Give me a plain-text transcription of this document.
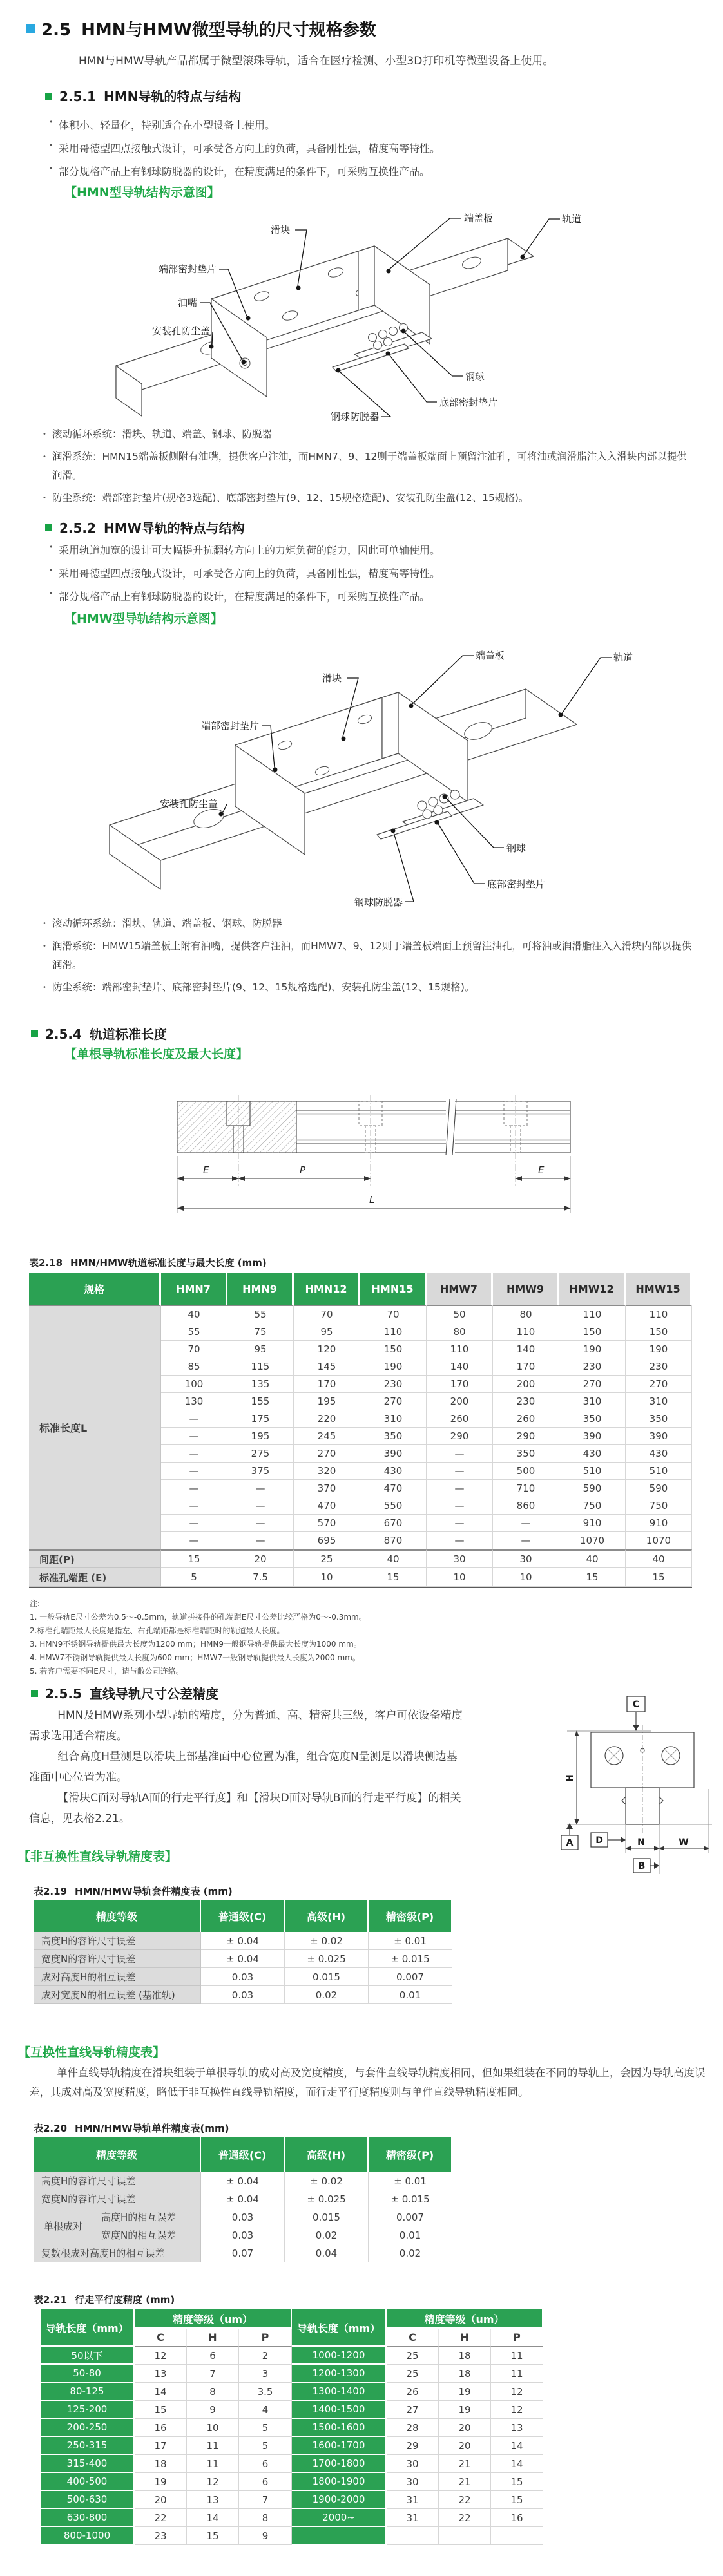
2.5 HMN与HMW微型导轨的尺寸规格参数
HMN与HMW导轨产品都属于微型滚珠导轨，适合在医疗检测、小型3D打印机等微型设备上使用。
2.5.1 HMN导轨的特点与结构
• 体积小、轻量化，特别适合在小型设备上使用。
• 采用哥德型四点接触式设计，可承受各方向上的负荷，具备刚性强，精度高等特性。
• 部分规格产品上有钢球防脱器的设计，在精度满足的条件下，可采购互换性产品。
【HMN型导轨结构示意图】
滑块
端盖板	轨道
端部密封垫片
油嘴
安装孔防尘盖
钢球
底部密封垫片
钢球防脱器
• 滚动循环系统：滑块、轨道、端盖、钢球、防脱器
• 润滑系统：HMN15端盖板侧附有油嘴，提供客户注油，而HMN7、9、12则于端盖板端面上预留注油孔，可将油或润滑脂注入入滑块内部以提供润滑。
• 防尘系统：端部密封垫片(规格3选配)、底部密封垫片(9、12、15规格选配)、安装孔防尘盖(12、15规格)。
2.5.2 HMW导轨的特点与结构
• 采用轨道加宽的设计可大幅提升抗翻转方向上的力矩负荷的能力，因此可单轴使用。
• 采用哥德型四点接触式设计，可承受各方向上的负荷，具备刚性强，精度高等特性。
• 部分规格产品上有钢球防脱器的设计，在精度满足的条件下，可采购互换性产品。
【HMW型导轨结构示意图】
滑块
端盖板	轨道
端部密封垫片
安装孔防尘盖
钢球
底部密封垫片
钢球防脱器
• 滚动循环系统：滑块、轨道、端盖板、钢球、防脱器
• 润滑系统：HMW15端盖板上附有油嘴，提供客户注油，而HMW7、9、12则于端盖板端面上预留注油孔，可将油或润滑脂注入入滑块内部以提供润滑。
• 防尘系统：端部密封垫片、底部密封垫片(9、12、15规格选配)、安装孔防尘盖(12、15规格)。
2.5.4 轨道标准长度
【单根导轨标准长度及最大长度】
E	P	E
L
表2.18 HMN/HMW轨道标准长度与最大长度 (mm)
规格	HMN7	HMN9	HMN12	HMN15	HMW7	HMW9	HMW12	HMW15
标准长度L
40	55	70	70	50	80	110	110
55	75	95	110	80	110	150	150
70	95	120	150	110	140	190	190
85	115	145	190	140	170	230	230
100	135	170	230	170	200	270	270
130	155	195	270	200	230	310	310
—	175	220	310	260	260	350	350
—	195	245	350	290	290	390	390
—	275	270	390	—	350	430	430
—	375	320	430	—	500	510	510
—	—	370	470	—	710	590	590
—	—	470	550	—	860	750	750
—	—	570	670	—	—	910	910
—	—	695	870	—	—	1070	1070
间距(P)	15	20	25	40	30	30	40	40
标准孔端距 (E)	5	7.5	10	15	10	10	15	15
注:
1. 一般导轨E尺寸公差为0.5～-0.5mm，轨道拼接件的孔端距E尺寸公差比较严格为0～-0.3mm。
2.标准孔端距最大长度是指左、右孔端距都是标准端距时的轨道最大长度。
3. HMN9不锈钢导轨提供最大长度为1200 mm；HMN9一般钢导轨提供最大长度为1000 mm。
4. HMW7不锈钢导轨提供最大长度为600 mm；HMW7一般钢导轨提供最大长度为2000 mm。
5. 若客户需要不同E尺寸，请与敝公司连络。
2.5.5 直线导轨尺寸公差精度

HMN及HMW系列小型导轨的精度，分为普通、高、精密共三级，客户可依设备精度需求选用适合精度。

组合高度H量测是以滑块上部基准面中心位置为准，组合宽度N量测是以滑块侧边基准面中心位置为准。

【滑块C面对导轨A面的行走平行度】和【滑块D面对导轨B面的行走平行度】的相关信息，见表格2.21。

C
H
A D	N	W
B
【非互换性直线导轨精度表】
表2.19 HMN/HMW导轨套件精度表 (mm)
精度等级	普通级(C)	高级(H)	精密级(P)
高度H的容许尺寸误差	± 0.04	± 0.02	± 0.01
宽度N的容许尺寸误差	± 0.04	± 0.025	± 0.015
成对高度H的相互误差	0.03	0.015	0.007
成对宽度N的相互误差 (基准轨)	0.03	0.02	0.01
【互换性直线导轨精度表】
单件直线导轨精度在滑块组装于单根导轨的成对高及宽度精度，与套件直线导轨精度相同，但如果组装在不同的导轨上，会因为导轨高度误差，其成对高及宽度精度，略低于非互换性直线导轨精度，而行走平行度精度则与单件直线导轨精度相同。
表2.20 HMN/HMW导轨单件精度表(mm)
精度等级	普通级(C)	高级(H)	精密级(P)
高度H的容许尺寸误差	± 0.04	± 0.02	± 0.01
宽度N的容许尺寸误差	± 0.04	± 0.025	± 0.015
单根成对
高度H的相互误差	0.03	0.015	0.007
宽度N的相互误差	0.03	0.02	0.01
复数根成对高度H的相互误差	0.07	0.04	0.02
表2.21 行走平行度精度 (mm)
导轨长度（mm）
精度等级（um）
导轨长度（mm）
精度等级（um）
C	H	P	C	H	P
50以下	12	6	2	1000-1200	25	18	11
50-80	13	7	3	1200-1300	25	18	11
80-125	14	8	3.5	1300-1400	26	19	12
125-200	15	9	4	1400-1500	27	19	12
200-250	16	10	5	1500-1600	28	20	13
250-315	17	11	5	1600-1700	29	20	14
315-400	18	11	6	1700-1800	30	21	14
400-500	19	12	6	1800-1900	30	21	15
500-630	20	13	7	1900-2000	31	22	15
630-800	22	14	8	2000~	31	22	16
800-1000	23	15	9
